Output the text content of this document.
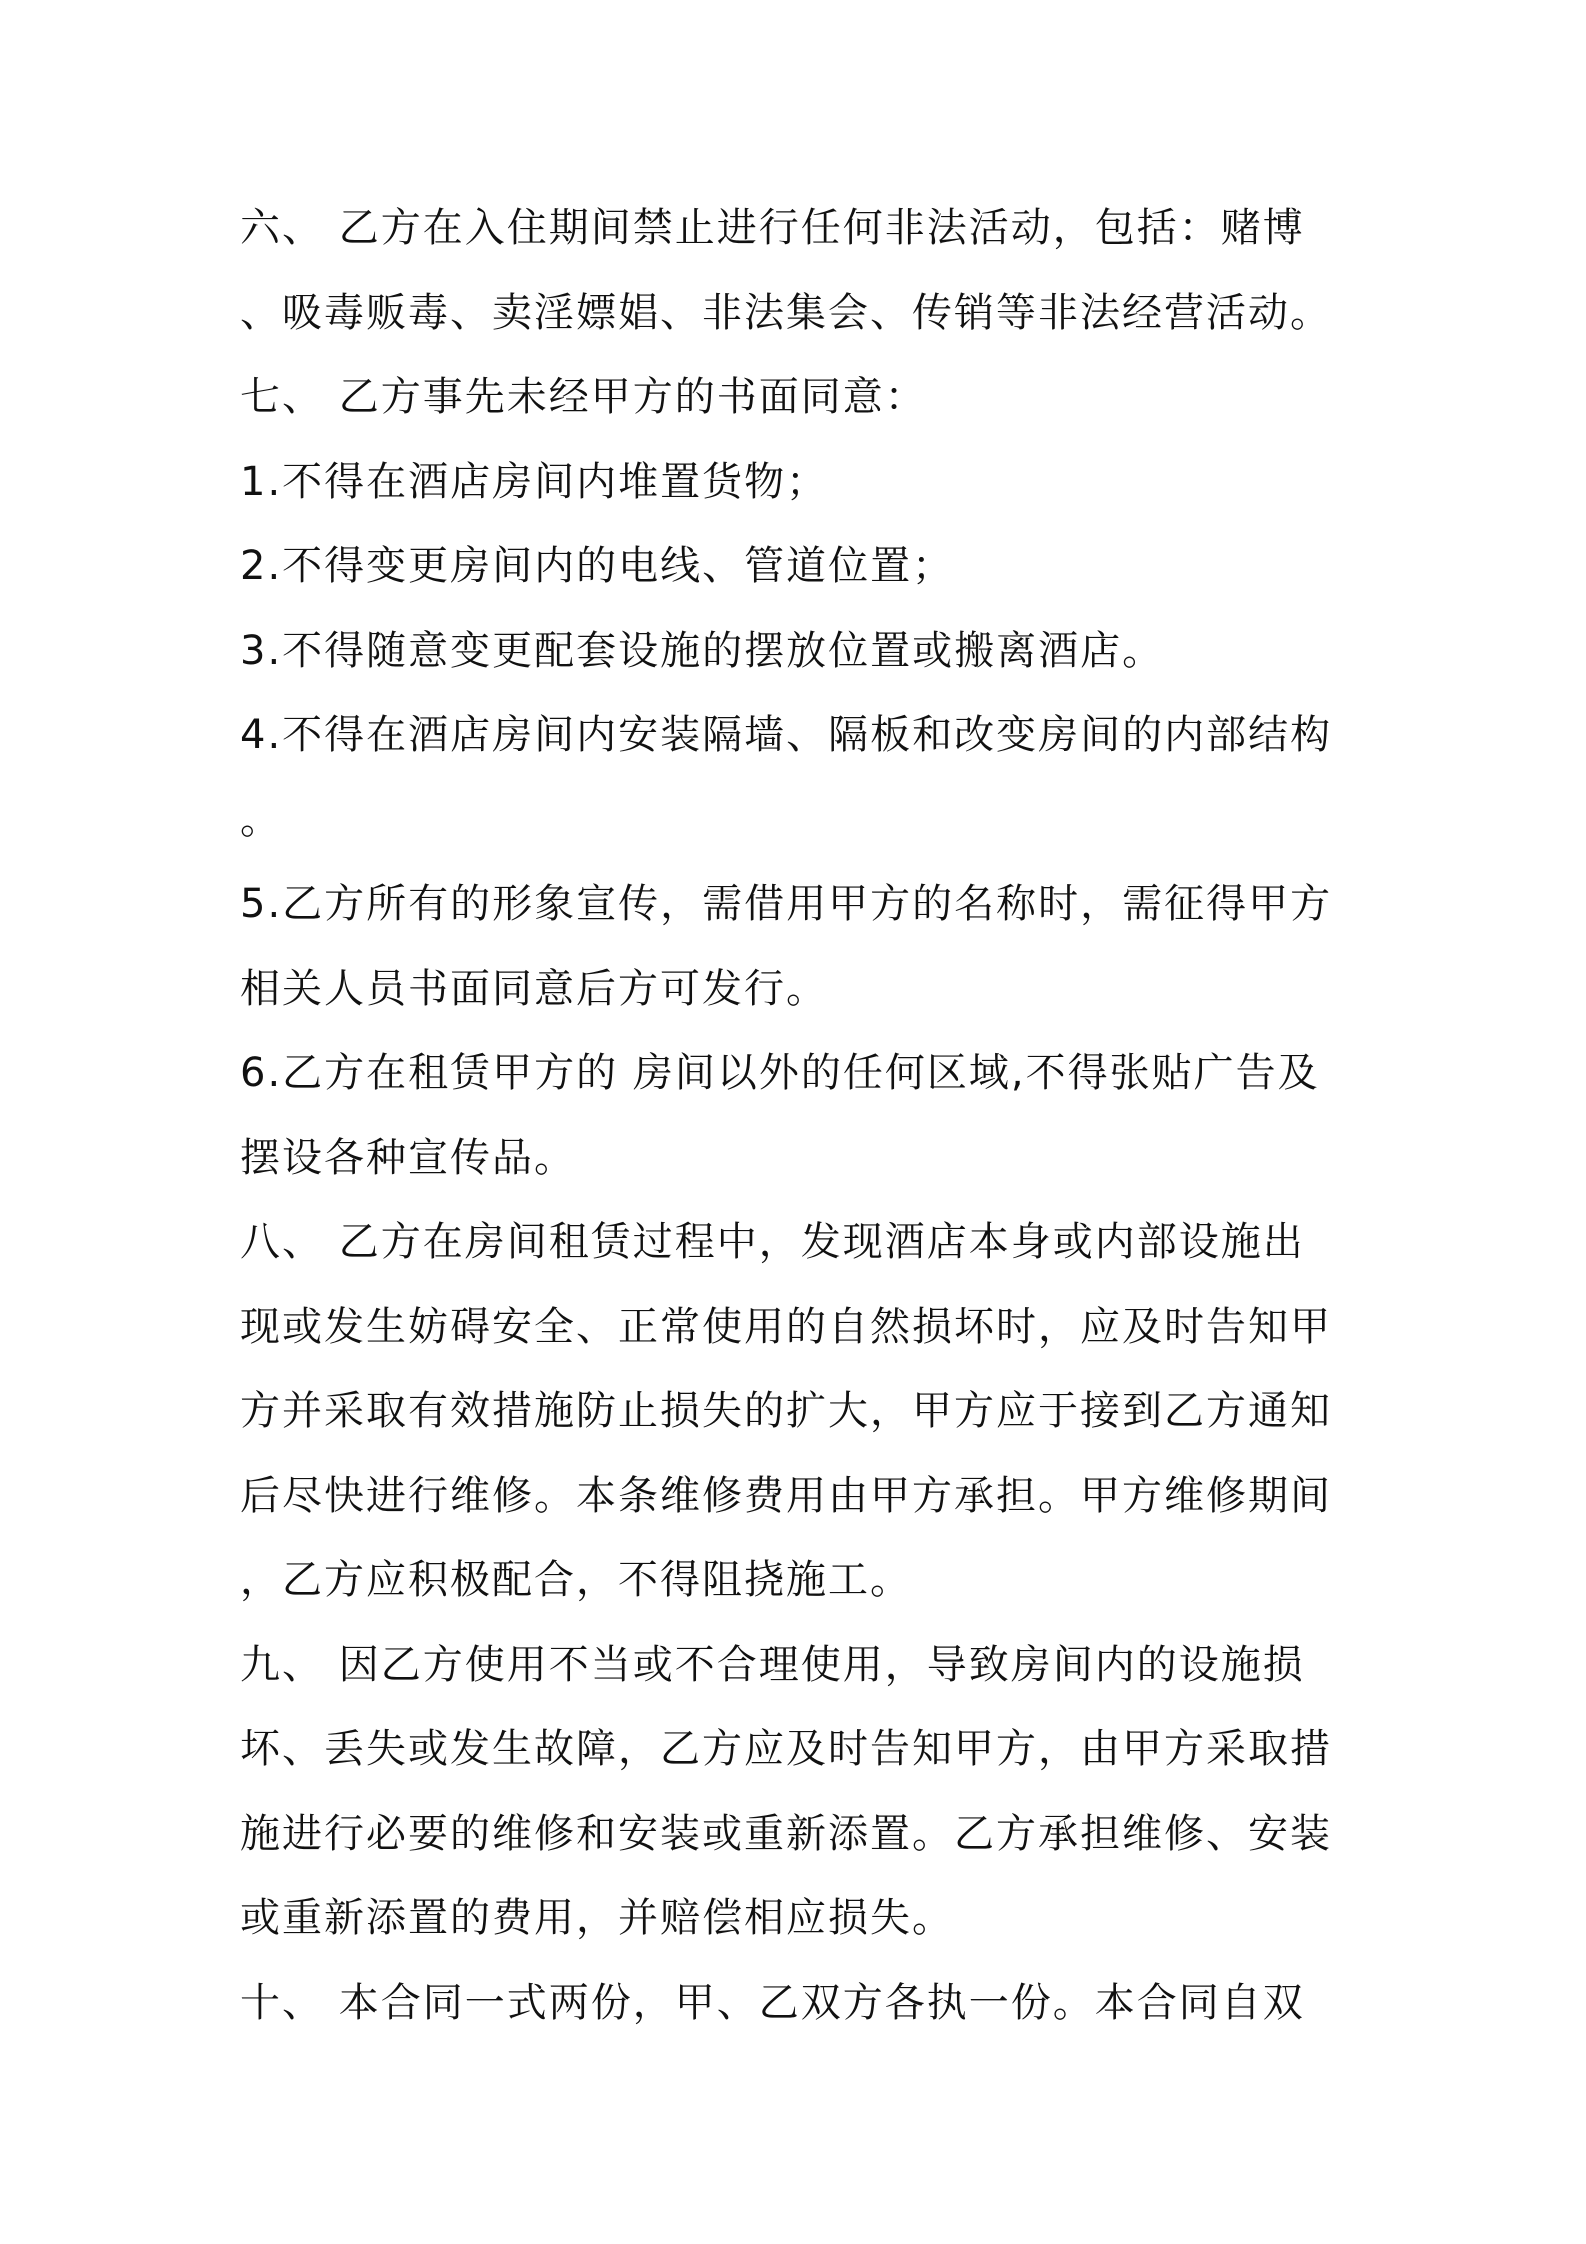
六、 乙方在入住期间禁止进行任何非法活动，包括：赌博

、吸毒贩毒、卖淫嫖娼、非法集会、传销等非法经营活动。

七、 乙方事先未经甲方的书面同意：

1.不得在酒店房间内堆置货物；

2.不得变更房间内的电线、管道位置；

3.不得随意变更配套设施的摆放位置或搬离酒店。

4.不得在酒店房间内安装隔墙、隔板和改变房间的内部结构

。

5.乙方所有的形象宣传，需借用甲方的名称时，需征得甲方

相关人员书面同意后方可发行。

6.乙方在租赁甲方的 房间以外的任何区域,不得张贴广告及

摆设各种宣传品。

八、 乙方在房间租赁过程中，发现酒店本身或内部设施出

现或发生妨碍安全、正常使用的自然损坏时，应及时告知甲

方并采取有效措施防止损失的扩大，甲方应于接到乙方通知

后尽快进行维修。本条维修费用由甲方承担。甲方维修期间

，乙方应积极配合，不得阻挠施工。

九、 因乙方使用不当或不合理使用，导致房间内的设施损

坏、丢失或发生故障，乙方应及时告知甲方，由甲方采取措

施进行必要的维修和安装或重新添置。乙方承担维修、安装

或重新添置的费用，并赔偿相应损失。

十、 本合同一式两份，甲、乙双方各执一份。本合同自双
